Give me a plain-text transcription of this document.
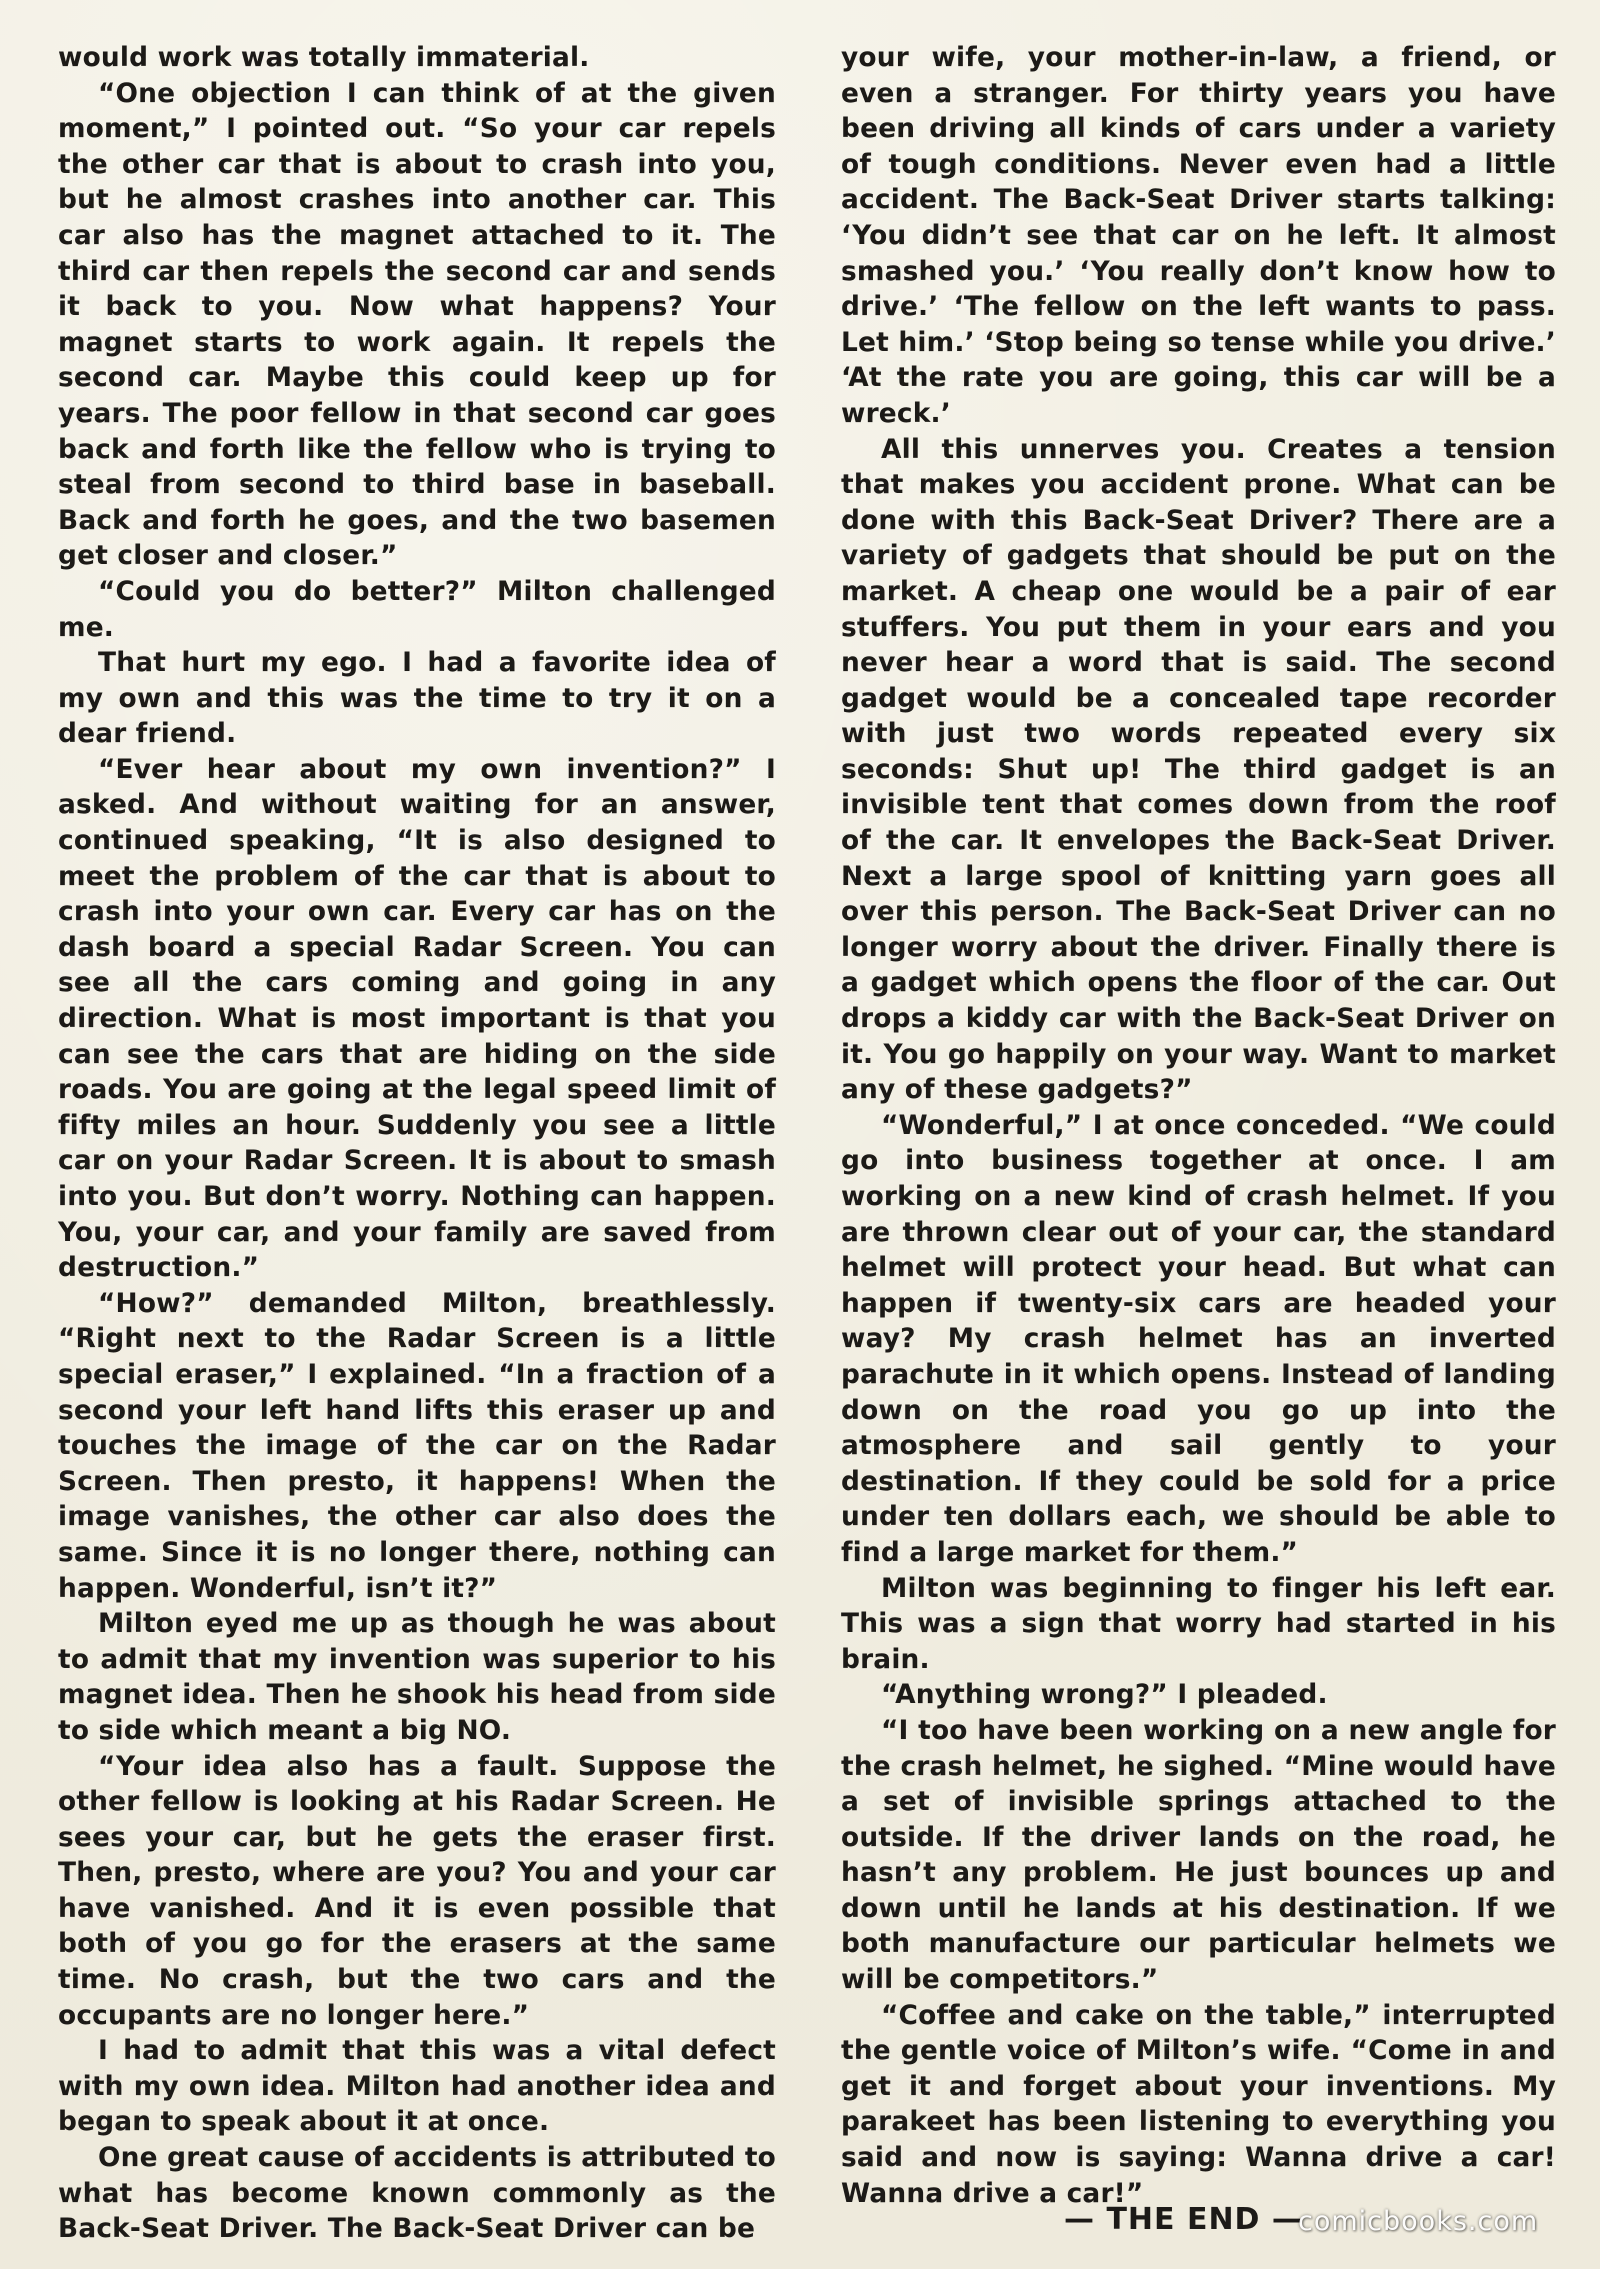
would work was totally immaterial.

“One objection I can think of at the given moment,” I pointed out. “So your car repels the other car that is about to crash into you, but he almost crashes into another car. This car also has the magnet attached to it. The third car then repels the second car and sends it back to you. Now what happens? Your magnet starts to work again. It repels the second car. Maybe this could keep up for years. The poor fellow in that second car goes back and forth like the fellow who is trying to steal from second to third base in baseball. Back and forth he goes, and the two basemen get closer and closer.”

“Could you do better?” Milton challenged me.

That hurt my ego. I had a favorite idea of my own and this was the time to try it on a dear friend.

“Ever hear about my own invention?” I asked. And without waiting for an answer, continued speaking, “It is also designed to meet the problem of the car that is about to crash into your own car. Every car has on the dash board a special Radar Screen. You can see all the cars coming and going in any direction. What is most important is that you can see the cars that are hiding on the side roads. You are going at the legal speed limit of fifty miles an hour. Suddenly you see a little car on your Radar Screen. It is about to smash into you. But don’t worry. Nothing can happen. You, your car, and your family are saved from destruction.”

“How?” demanded Milton, breathlessly. “Right next to the Radar Screen is a little special eraser,” I explained. “In a fraction of a second your left hand lifts this eraser up and touches the image of the car on the Radar Screen. Then presto, it happens! When the image vanishes, the other car also does the same. Since it is no longer there, nothing can happen. Wonderful, isn’t it?”

Milton eyed me up as though he was about to admit that my invention was superior to his magnet idea. Then he shook his head from side to side which meant a big NO.

“Your idea also has a fault. Suppose the other fellow is looking at his Radar Screen. He sees your car, but he gets the eraser first. Then, presto, where are you? You and your car have vanished. And it is even possible that both of you go for the erasers at the same time. No crash, but the two cars and the occupants are no longer here.”

I had to admit that this was a vital defect with my own idea. Milton had another idea and began to speak about it at once.

One great cause of accidents is attributed to what has become known commonly as the Back-Seat Driver. The Back-Seat Driver can be

your wife, your mother-in-law, a friend, or even a stranger. For thirty years you have been driving all kinds of cars under a variety of tough conditions. Never even had a little accident. The Back-Seat Driver starts talking: ‘You didn’t see that car on he left. It almost smashed you.’ ‘You really don’t know how to drive.’ ‘The fellow on the left wants to pass. Let him.’ ‘Stop being so tense while you drive.’ ‘At the rate you are going, this car will be a wreck.’

All this unnerves you. Creates a tension that makes you accident prone. What can be done with this Back-Seat Driver? There are a variety of gadgets that should be put on the market. A cheap one would be a pair of ear stuffers. You put them in your ears and you never hear a word that is said. The second gadget would be a concealed tape recorder with just two words repeated every six seconds: Shut up! The third gadget is an invisible tent that comes down from the roof of the car. It envelopes the Back-Seat Driver. Next a large spool of knitting yarn goes all over this person. The Back-Seat Driver can no longer worry about the driver. Finally there is a gadget which opens the floor of the car. Out drops a kiddy car with the Back-Seat Driver on it. You go happily on your way. Want to market any of these gadgets?”

“Wonderful,” I at once conceded. “We could go into business together at once. I am working on a new kind of crash helmet. If you are thrown clear out of your car, the standard helmet will protect your head. But what can happen if twenty-six cars are headed your way? My crash helmet has an inverted parachute in it which opens. Instead of landing down on the road you go up into the atmosphere and sail gently to your destination. If they could be sold for a price under ten dollars each, we should be able to find a large market for them.”

Milton was beginning to finger his left ear. This was a sign that worry had started in his brain.

“Anything wrong?” I pleaded.

“I too have been working on a new angle for the crash helmet, he sighed. “Mine would have a set of invisible springs attached to the outside. If the driver lands on the road, he hasn’t any problem. He just bounces up and down until he lands at his destination. If we both manufacture our particular helmets we will be competitors.”

“Coffee and cake on the table,” interrupted the gentle voice of Milton’s wife. “Come in and get it and forget about your inventions. My parakeet has been listening to everything you said and now is saying: Wanna drive a car! Wanna drive a car!”

— THE END —
comicbooks.com
